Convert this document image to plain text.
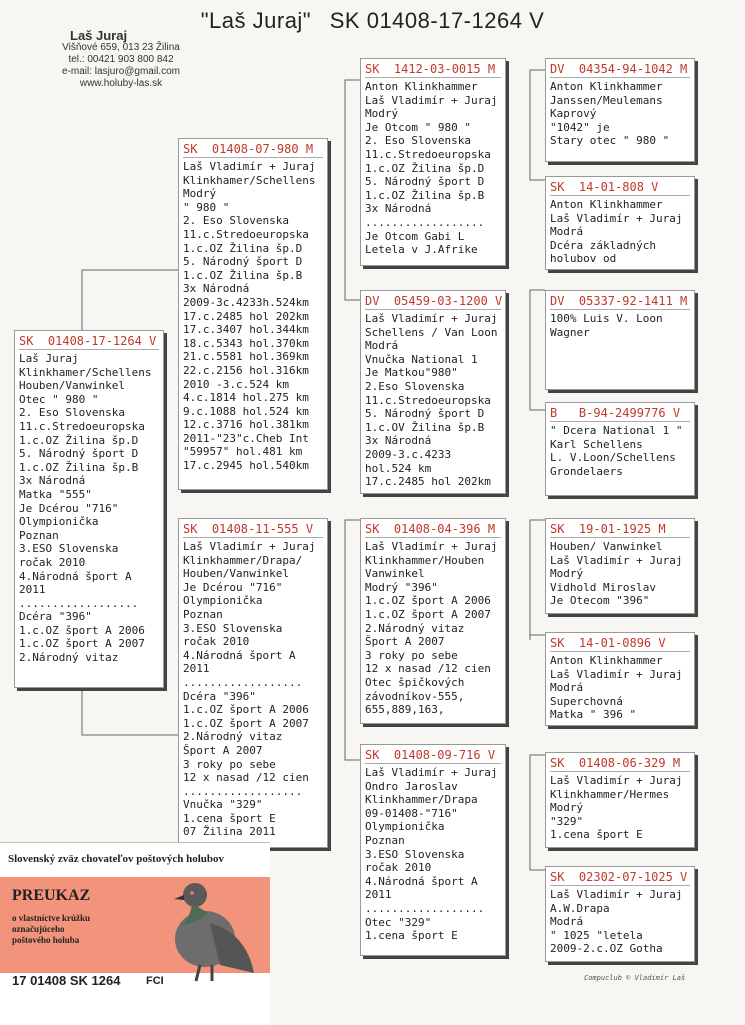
"Laš Juraj" SK 01408-17-1264 V
Laš Juraj
Višňové 659, 013 23 Žilina
tel.: 00421 903 800 842
e-mail: lasjuro@gmail.com
www.holuby-las.sk
SK  01408-17-1264 V
Laš Juraj
Klinkhamer/Schellens
Houben/Vanwinkel
Otec " 980 "
2. Eso Slovenska
11.c.Stredoeuropska
1.c.OZ Žilina šp.D
5. Národný šport D
1.c.OZ Žilina šp.B
3x Národná
Matka "555"
Je Dcérou "716"
Olympionička
Poznan
3.ESO Slovenska
ročak 2010
4.Národná šport A
2011
..................
Dcéra "396"
1.c.OZ šport A 2006
1.c.OZ šport A 2007
2.Národný vitaz
SK  01408-07-980 M
Laš Vladimír + Juraj
Klinkhamer/Schellens
Modrý
" 980 "
2. Eso Slovenska
11.c.Stredoeuropska
1.c.OZ Žilina šp.D
5. Národný šport D
1.c.OZ Žilina šp.B
3x Národná
2009-3c.4233h.524km
17.c.2485 hol 202km
17.c.3407 hol.344km
18.c.5343 hol.370km
21.c.5581 hol.369km
22.c.2156 hol.316km
2010 -3.c.524 km
4.c.1814 hol.275 km
9.c.1088 hol.524 km
12.c.3716 hol.381km
2011-"23"c.Cheb Int
"59957" hol.481 km
17.c.2945 hol.540km
SK  01408-11-555 V
Laš Vladimír + Juraj
Klinkhammer/Drapa/
Houben/Vanwinkel
Je Dcérou "716"
Olympionička
Poznan
3.ESO Slovenska
ročak 2010
4.Národná šport A
2011
..................
Dcéra "396"
1.c.OZ šport A 2006
1.c.OZ šport A 2007
2.Národný vitaz
Šport A 2007
3 roky po sebe
12 x nasad /12 cien
..................
Vnučka "329"
1.cena šport E
07 Žilina 2011
SK  1412-03-0015 M
Anton Klinkhammer
Laš Vladimír + Juraj
Modrý
Je Otcom " 980 "
2. Eso Slovenska
11.c.Stredoeuropska
1.c.OZ Žilina šp.D
5. Národný šport D
1.c.OZ Žilina šp.B
3x Národná
..................
Je Otcom Gabi L
Letela v J.Afrike
DV  05459-03-1200 V
Laš Vladimír + Juraj
Schellens / Van Loon
Modrá
Vnučka National 1
Je Matkou"980"
2.Eso Slovenska
11.c.Stredoeuropska
5. Národný šport D
1.c.OV Žilina šp.B
3x Národná
2009-3.c.4233
hol.524 km
17.c.2485 hol 202km
SK  01408-04-396 M
Laš Vladimír + Juraj
Klinkhammer/Houben
Vanwinkel
Modrý "396"
1.c.OZ šport A 2006
1.c.OZ šport A 2007
2.Národný vitaz
Šport A 2007
3 roky po sebe
12 x nasad /12 cien
Otec špičkových
závodníkov-555,
655,889,163,
SK  01408-09-716 V
Laš Vladimír + Juraj
Ondro Jaroslav
Klinkhammer/Drapa
09-01408-"716"
Olympionička
Poznan
3.ESO Slovenska
ročak 2010
4.Národná šport A
2011
..................
Otec "329"
1.cena šport E
DV  04354-94-1042 M
Anton Klinkhammer
Janssen/Meulemans
Kaprový
"1042" je
Stary otec " 980 "
SK  14-01-808 V
Anton Klinkhammer
Laš Vladimír + Juraj
Modrá
Dcéra základných
holubov od
DV  05337-92-1411 M
100% Luis V. Loon
Wagner
B   B-94-2499776 V
" Dcera National 1 "
Karl Schellens
L. V.Loon/Schellens
Grondelaers
SK  19-01-1925 M
Houben/ Vanwinkel
Laš Vladimír + Juraj
Modrý
Vidhold Miroslav
Je Otecom "396"
SK  14-01-0896 V
Anton Klinkhammer
Laš Vladimír + Juraj
Modrá
Superchovná
Matka " 396 "
SK  01408-06-329 M
Laš Vladimír + Juraj
Klinkhammer/Hermes
Modrý
"329"
1.cena šport E
SK  02302-07-1025 V
Laš Vladimír + Juraj
A.W.Drapa
Modrá
" 1025 "letela
2009-2.c.OZ Gotha
Compuclub © Vladimír Laš
Slovenský zväz chovateľov poštových holubov
PREUKAZ
o vlastníctve krúžku
označujúceho
poštového holuba
17 01408 SK 1264 FCI
